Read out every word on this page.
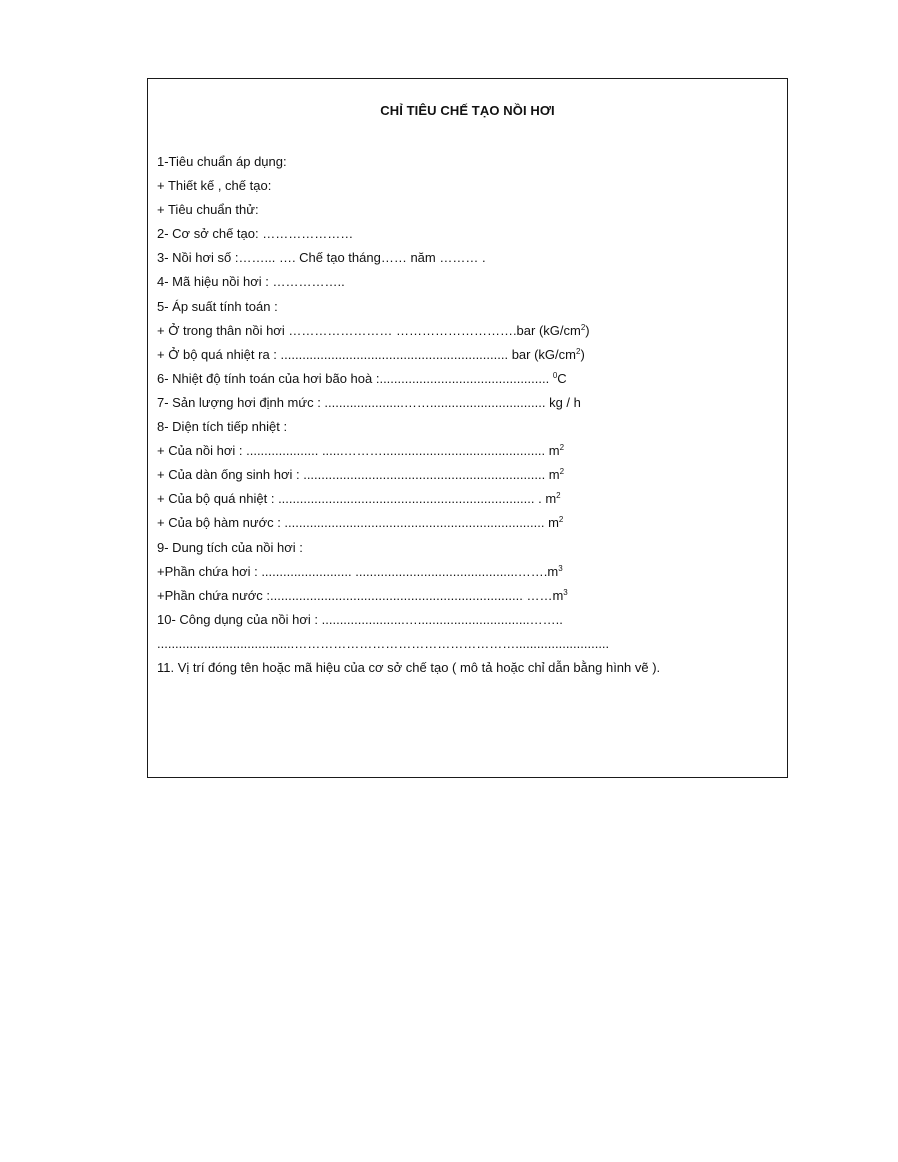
CHỈ TIÊU CHẾ TẠO NỒI HƠI
1-Tiêu chuẩn áp dụng:
+ Thiết kế , chế tạo:
+ Tiêu chuẩn thử:
2- Cơ sở chế tạo: …………………
3- Nồi hơi số :……... …. Chế tạo tháng…… năm ……… .
4- Mã hiệu nồi hơi : ……………..
5- Áp suất tính toán :
+ Ở trong thân nồi hơi …………………… ……………………….bar $(kG/cm^2)$
+ Ở bộ quá nhiệt ra : ............................................................... bar $(kG/cm^2)$
6- Nhiệt độ tính toán của hơi bão hoà :............................................... $^0$C
7- Sản lượng hơi định mức : ......................……................................ kg / h
8- Diện tích tiếp nhiệt :
+ Của nồi hơi : .................... ......………............................................. $m^2$
+ Của dàn ống sinh hơi : ................................................................... $m^2$
+ Của bộ quá nhiệt : ....................................................................... . $m^2$
+ Của bộ hàm nước : ........................................................................ $m^2$
9- Dung tích của nồi hơi :
+Phần chứa hơi : ......................... $.............................................\dots\dots.m^3$
+Phần chứa nước :...................................................................... $\dots\dots m^3$
10- Công dụng của nồi hơi : .......................…...............................……..
......................................……………………………………………..........................
11. Vị trí đóng tên hoặc mã hiệu của cơ sở chế tạo ( mô tả hoặc chỉ dẫn bằng hình vẽ ).
